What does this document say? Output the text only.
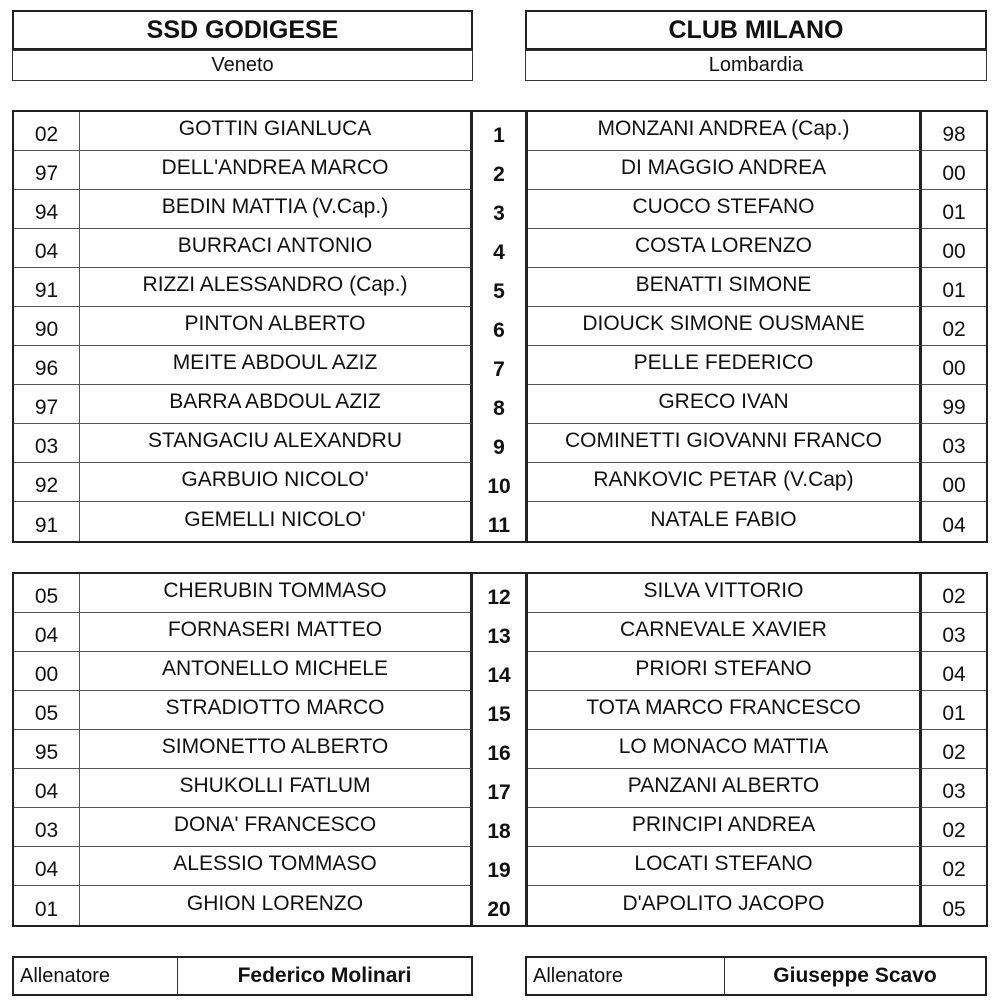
SSD GODIGESE
Veneto
CLUB MILANO
Lombardia
02	GOTTIN GIANLUCA	1	MONZANI ANDREA (Cap.)	98
97	DELL'ANDREA MARCO	2	DI MAGGIO ANDREA	00
94	BEDIN MATTIA (V.Cap.)	3	CUOCO STEFANO	01
04	BURRACI ANTONIO	4	COSTA LORENZO	00
91	RIZZI ALESSANDRO (Cap.)	5	BENATTI SIMONE	01
90	PINTON ALBERTO	6	DIOUCK SIMONE OUSMANE	02
96	MEITE ABDOUL AZIZ	7	PELLE FEDERICO	00
97	BARRA ABDOUL AZIZ	8	GRECO IVAN	99
03	STANGACIU ALEXANDRU	9	COMINETTI GIOVANNI FRANCO	03
92	GARBUIO NICOLO'	10	RANKOVIC PETAR (V.Cap)	00
91	GEMELLI NICOLO'	11	NATALE FABIO	04
05	CHERUBIN TOMMASO	12	SILVA VITTORIO	02
04	FORNASERI MATTEO	13	CARNEVALE XAVIER	03
00	ANTONELLO MICHELE	14	PRIORI STEFANO	04
05	STRADIOTTO MARCO	15	TOTA MARCO FRANCESCO	01
95	SIMONETTO ALBERTO	16	LO MONACO MATTIA	02
04	SHUKOLLI FATLUM	17	PANZANI ALBERTO	03
03	DONA' FRANCESCO	18	PRINCIPI ANDREA	02
04	ALESSIO TOMMASO	19	LOCATI STEFANO	02
01	GHION LORENZO	20	D'APOLITO JACOPO	05
Allenatore	Federico Molinari	Allenatore	Giuseppe Scavo
